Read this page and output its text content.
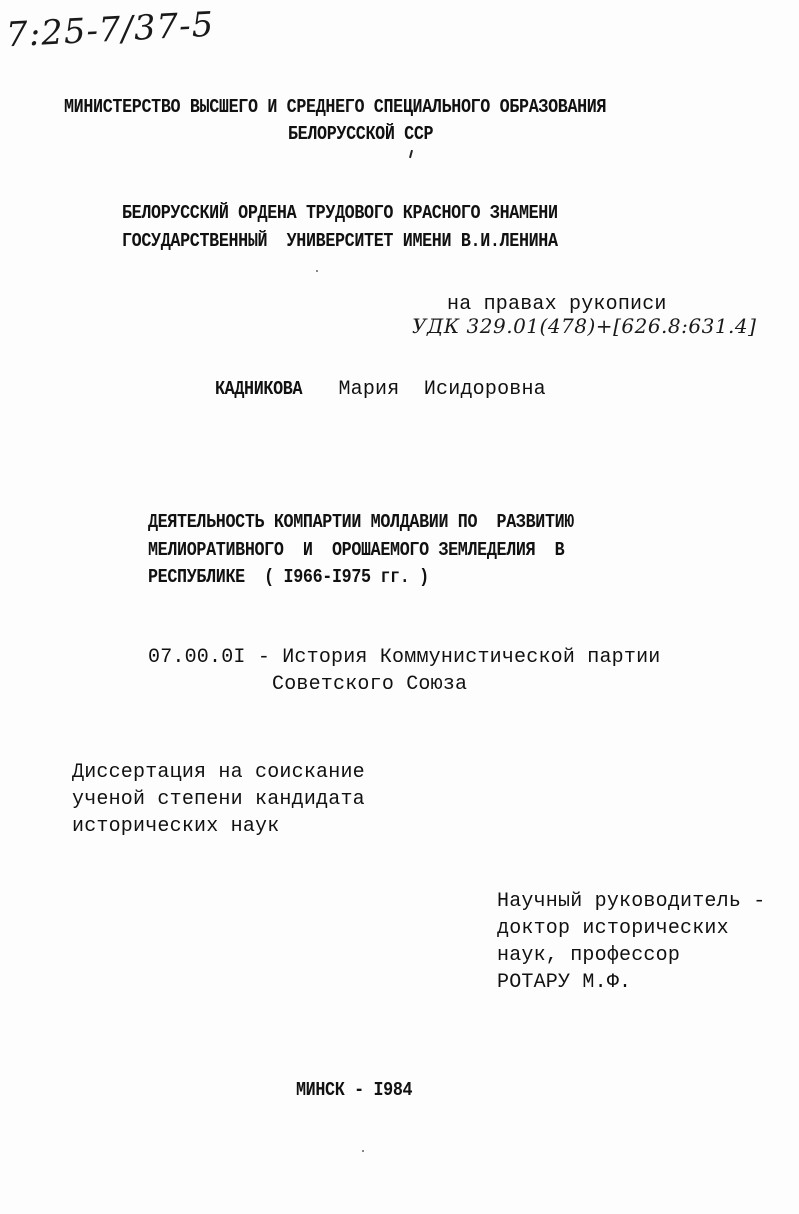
7:25-7/37-5
МИНИСТЕРСТВО ВЫСШЕГО И СРЕДНЕГО СПЕЦИАЛЬНОГО ОБРАЗОВАНИЯ
БЕЛОРУССКОЙ ССР
БЕЛОРУССКИЙ ОРДЕНА ТРУДОВОГО КРАСНОГО ЗНАМЕНИ
ГОСУДАРСТВЕННЫЙ  УНИВЕРСИТЕТ ИМЕНИ В.И.ЛЕНИНА
на правах рукописи
УДК 329.01(478)+[626.8:631.4]
КАДНИКОВА Мария Исидоровна
ДЕЯТЕЛЬНОСТЬ КОМПАРТИИ МОЛДАВИИ ПО  РАЗВИТИЮ
МЕЛИОРАТИВНОГО  И  ОРОШАЕМОГО ЗЕМЛЕДЕЛИЯ  В
РЕСПУБЛИКЕ  ( I966-I975 гг. )
07.00.0I - История Коммунистической партии
Советского Союза
Диссертация на соискание
ученой степени кандидата
исторических наук
Научный руководитель -
доктор исторических
наук, профессор
РОТАРУ М.Ф.
МИНСК - I984
